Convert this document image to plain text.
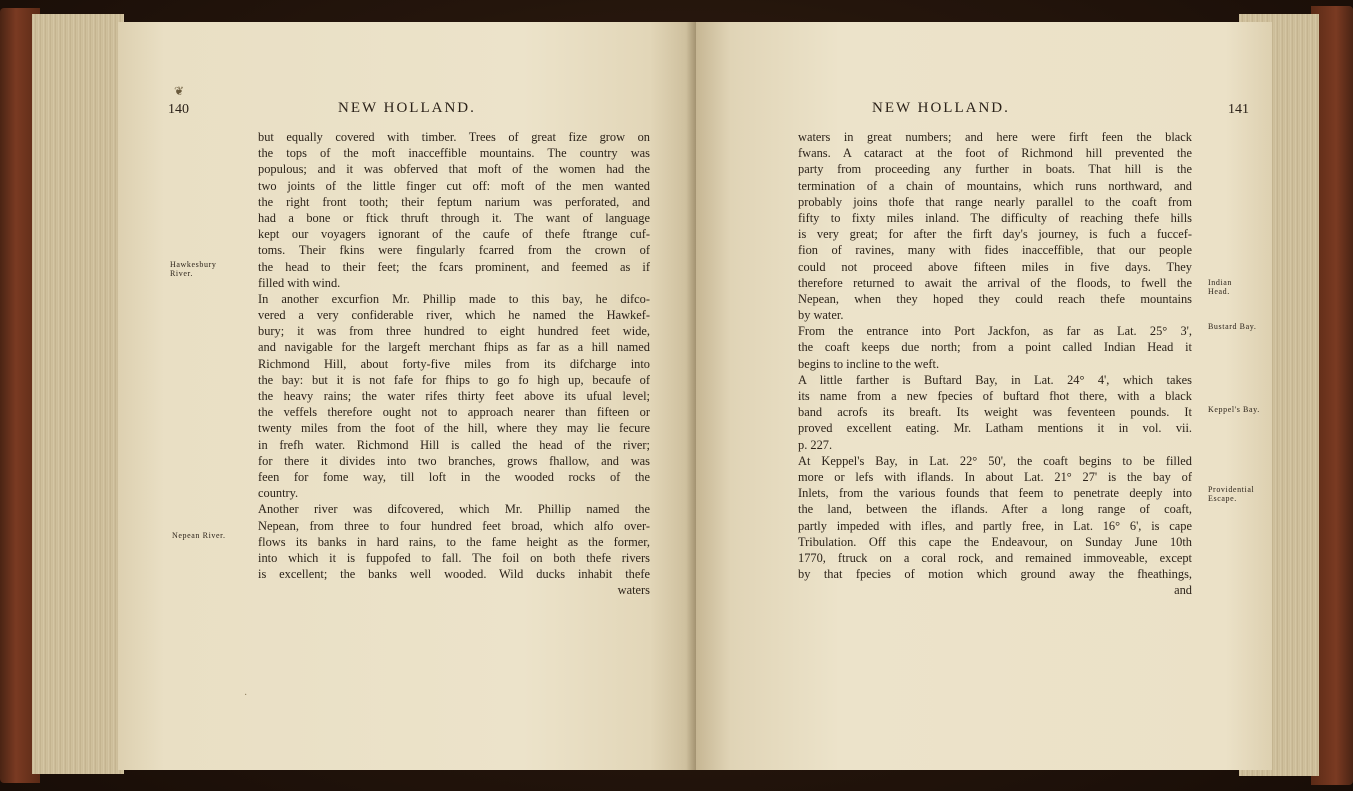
140	NEW HOLLAND.
❦
Hawkesbury
River.
Nepean River.
but equally covered with timber. Trees of great fize grow on
the tops of the moft inacceffible mountains. The country was
populous; and it was obferved that moft of the women had the
two joints of the little finger cut off: moft of the men wanted
the right front tooth; their feptum narium was perforated, and
had a bone or ftick thruft through it. The want of language
kept our voyagers ignorant of the caufe of thefe ftrange cuf-
toms. Their fkins were fingularly fcarred from the crown of
the head to their feet; the fcars prominent, and feemed as if
filled with wind.
In another excurfion Mr. Phillip made to this bay, he difco-
vered a very confiderable river, which he named the Hawkef-
bury; it was from three hundred to eight hundred feet wide,
and navigable for the largeft merchant fhips as far as a hill named
Richmond Hill, about forty-five miles from its difcharge into
the bay: but it is not fafe for fhips to go fo high up, becaufe of
the heavy rains; the water rifes thirty feet above its ufual level;
the veffels therefore ought not to approach nearer than fifteen or
twenty miles from the foot of the hill, where they may lie fecure
in frefh water. Richmond Hill is called the head of the river;
for there it divides into two branches, grows fhallow, and was
feen for fome way, till loft in the wooded rocks of the
country.
Another river was difcovered, which Mr. Phillip named the
Nepean, from three to four hundred feet broad, which alfo over-
flows its banks in hard rains, to the fame height as the former,
into which it is fuppofed to fall. The foil on both thefe rivers
is excellent; the banks well wooded. Wild ducks inhabit thefe
waters
·
NEW HOLLAND.	141
waters in great numbers; and here were firft feen the black
fwans. A cataract at the foot of Richmond hill prevented the
party from proceeding any further in boats. That hill is the
termination of a chain of mountains, which runs northward, and
probably joins thofe that range nearly parallel to the coaft from
fifty to fixty miles inland. The difficulty of reaching thefe hills
is very great; for after the firft day's journey, is fuch a fuccef-
fion of ravines, many with fides inacceffible, that our people
could not proceed above fifteen miles in five days. They
therefore returned to await the arrival of the floods, to fwell the
Nepean, when they hoped they could reach thefe mountains
by water.
From the entrance into Port Jackfon, as far as Lat. 25° 3',
the coaft keeps due north; from a point called Indian Head it
begins to incline to the weft.
A little farther is Buftard Bay, in Lat. 24° 4', which takes
its name from a new fpecies of buftard fhot there, with a black
band acrofs its breaft. Its weight was feventeen pounds. It
proved excellent eating. Mr. Latham mentions it in vol. vii.
p. 227.
At Keppel's Bay, in Lat. 22° 50', the coaft begins to be filled
more or lefs with iflands. In about Lat. 21° 27' is the bay of
Inlets, from the various founds that feem to penetrate deeply into
the land, between the iflands. After a long range of coaft,
partly impeded with ifles, and partly free, in Lat. 16° 6', is cape
Tribulation. Off this cape the Endeavour, on Sunday June 10th
1770, ftruck on a coral rock, and remained immoveable, except
by that fpecies of motion which ground away the fheathings,
and
Indian
Head.
Bustard Bay.
Keppel's Bay.
Providential
Escape.
